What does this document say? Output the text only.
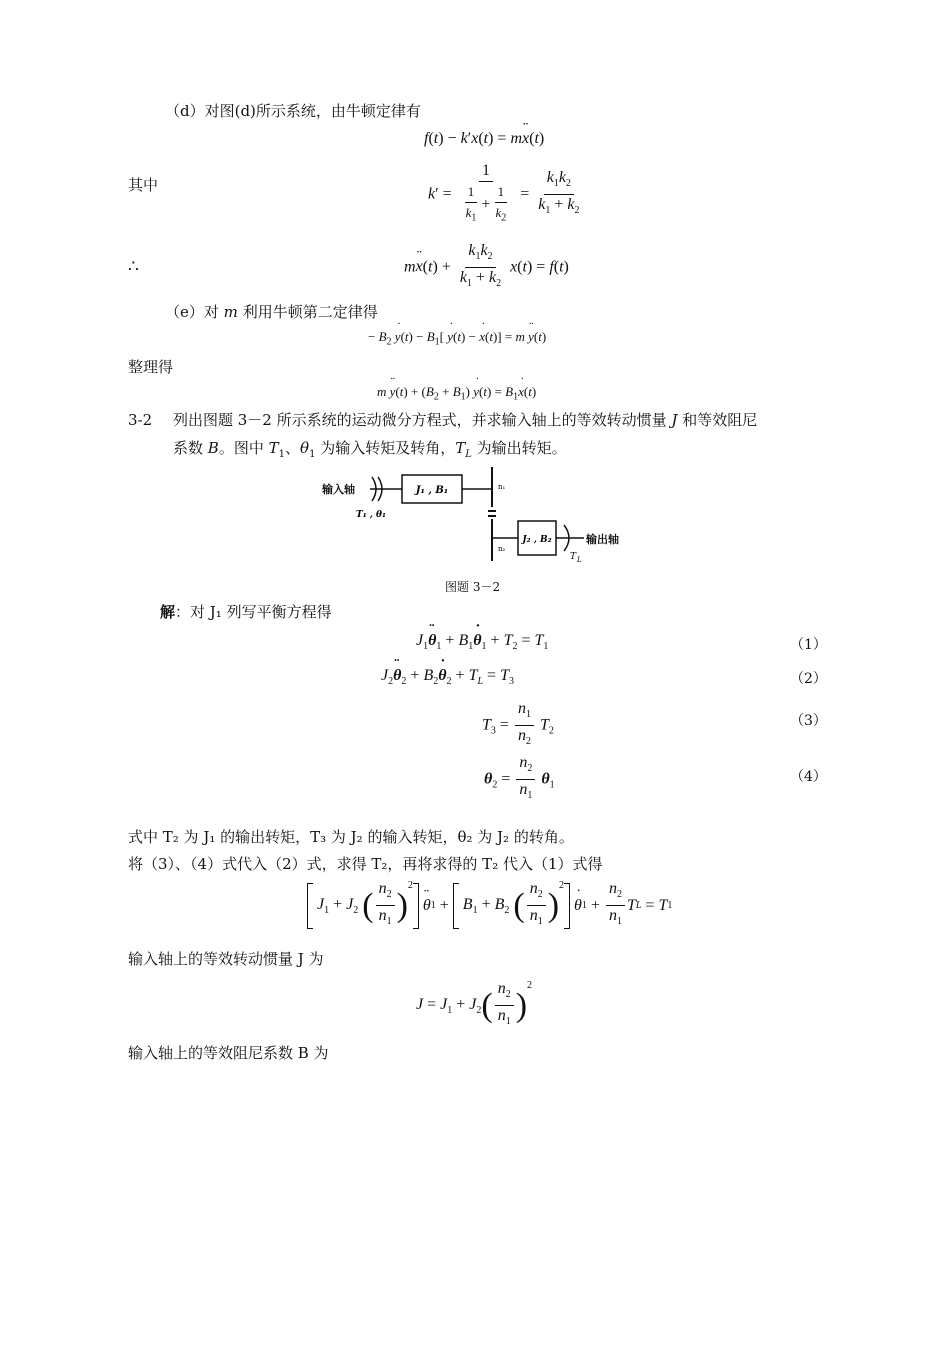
（d）对图(d)所示系统，由牛顿定律有
f(t) − k′x(t) = m¨ x(t)
其中	$k' = \frac{1}{\frac{1}{k_1} + \frac{1}{k_2}} = \frac{k_1k_2}{k_1 + k_2}$
∴	m¨ $x(t) + \frac{k_1k_2}{k_1 + k_2} x(t) = f(t)$
（e）对 m 利用牛顿第二定律得
− $B_2$ ˙ $y(t) - B_1$[ ˙ y(t) − ˙ x(t)] = m ¨ y(t)
整理得
m ¨ $y(t) + (B_2 + B_1)$ ˙ $y(t) = B_1˙$ x(t)
3-2 列出图题 3－2 所示系统的运动微分方程式，并求输入轴上的等效转动惯量 J 和等效阻尼
系数 B。图中 $T_1$、$\theta_1$ 为输入转矩及转角，$T_L$ 为输出转矩。
J₁ , B₁	n₁
n₂
J₂ , B₂
T L
T₁ , θ₁
输入轴
输出轴
图题 3－2
解：对 J₁ 列写平衡方程得
$J_1¨$ $\theta_1$ + $B_1˙$ $\theta_1 + T_2 = T_1$	（1）
$J_2¨$ $\theta_2$ + $B_2˙$ $\theta_2 + T_L = T_3$	（2）
$T_3 = \frac{n_1}{n_2} T_2$
（3）
$\theta_2 = \frac{n_2}{n_1} \theta_1$
（4）
式中 T₂ 为 J₁ 的输出转矩，T₃ 为 J₂ 的输入转矩，θ₂ 为 J₂ 的转角。
将（3）、（4）式代入（2）式，求得 T₂，再将求得的 T₂ 代入（1）式得
$J_1 + J_2$ ( $\frac{n_2}{n_1}$ )
$^2$
¨ θ $1 + B_1 + B_2$ ( $\frac{n_2}{n_1}$ )
$^2$
˙ θ $1 + \frac{n_2}{n_1}$ T L = T 1
输入轴上的等效转动惯量 J 为
$J = J_1 + J_2$ ( $\frac{n_2}{n_1}$ )
$^2$
输入轴上的等效阻尼系数 B 为
